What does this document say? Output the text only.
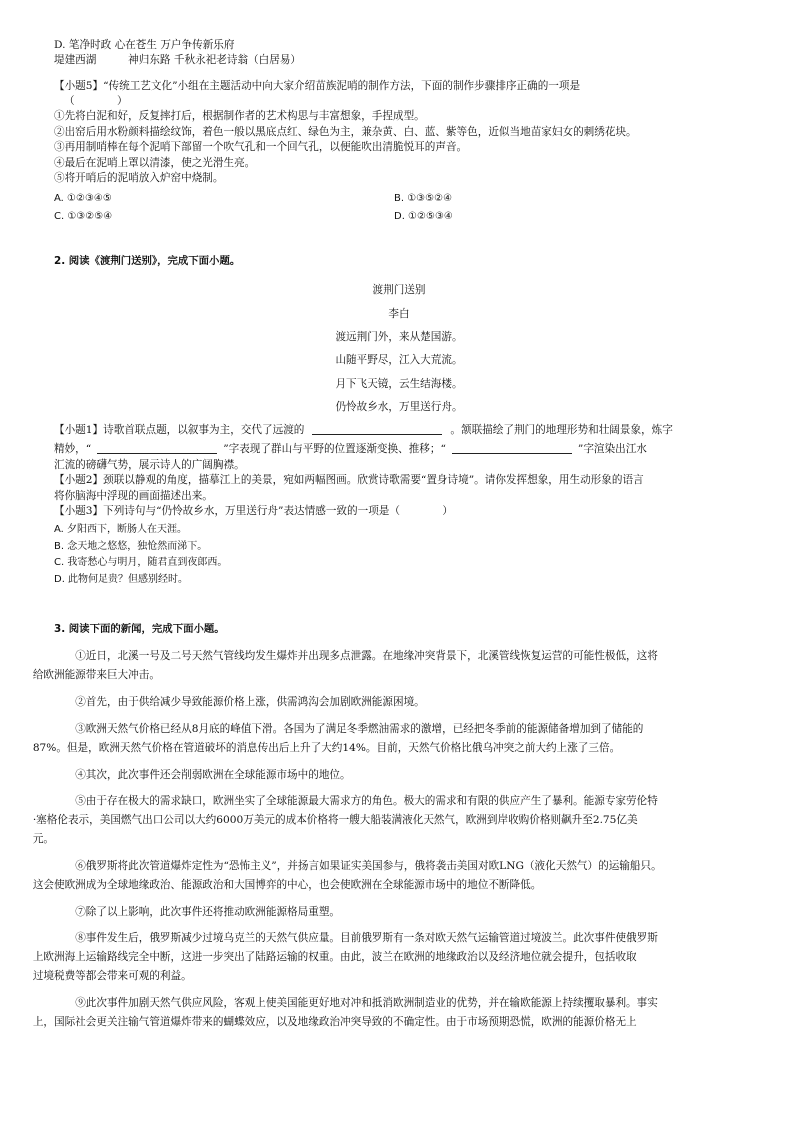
D. 笔净时政 心在苍生 万户争传新乐府
堤建西湖　　　神归东路 千秋永祀老诗翁（白居易）
【小题5】“传统工艺文化”小组在主题活动中向大家介绍苗族泥哨的制作方法，下面的制作步骤排序正确的一项是
（　　　　）
①先将白泥和好，反复摔打后，根据制作者的艺术构思与丰富想象，手捏成型。
②出窑后用水粉颜料描绘纹饰，着色一般以黑底点红、绿色为主，兼杂黄、白、蓝、紫等色，近似当地苗家妇女的刺绣花块。
③再用制哨棒在每个泥哨下部留一个吹气孔和一个回气孔，以便能吹出清脆悦耳的声音。
④最后在泥哨上罩以清漆，使之光滑生亮。
⑤将开哨后的泥哨放入炉窑中烧制。
A. ①②③④⑤	B. ①③⑤②④
C. ①③②⑤④	D. ①②⑤③④
2. 阅读《渡荆门送别》，完成下面小题。

渡荆门送别

李白

渡远荆门外，来从楚国游。

山随平野尽，江入大荒流。

月下飞天镜，云生结海楼。

仍怜故乡水，万里送行舟。

【小题1】诗歌首联点题，以叙事为主，交代了远渡的	。颔联描绘了荆门的地理形势和壮阔景象，炼字
精妙，“	”字表现了群山与平野的位置逐渐变换、推移；“	”字渲染出江水
汇流的磅礴气势，展示诗人的广阔胸襟。
【小题2】颈联以静观的角度，描摹江上的美景，宛如两幅图画。欣赏诗歌需要“置身诗境”。请你发挥想象，用生动形象的语言
将你脑海中浮现的画面描述出来。
【小题3】下列诗句与“仍怜故乡水，万里送行舟”表达情感一致的一项是（　　　　）
A. 夕阳西下，断肠人在天涯。
B. 念天地之悠悠，独怆然而涕下。
C. 我寄愁心与明月，随君直到夜郎西。
D. 此物何足贵？但感别经时。
3. 阅读下面的新闻，完成下面小题。

①近日，北溪一号及二号天然气管线均发生爆炸并出现多点泄露。在地缘冲突背景下，北溪管线恢复运营的可能性极低，这将
给欧洲能源带来巨大冲击。

②首先，由于供给减少导致能源价格上涨，供需鸿沟会加剧欧洲能源困境。

③欧洲天然气价格已经从8月底的峰值下滑。各国为了满足冬季燃油需求的激增，已经把冬季前的能源储备增加到了储能的
87%。但是，欧洲天然气价格在管道破坏的消息传出后上升了大约14%。目前，天然气价格比俄乌冲突之前大约上涨了三倍。

④其次，此次事件还会削弱欧洲在全球能源市场中的地位。

⑤由于存在极大的需求缺口，欧洲坐实了全球能源最大需求方的角色。极大的需求和有限的供应产生了暴利。能源专家劳伦特
·塞格伦表示，美国燃气出口公司以大约6000万美元的成本价格将一艘大船装满液化天然气，欧洲到岸收购价格则飙升至2.75亿美
元。

⑥俄罗斯将此次管道爆炸定性为“恐怖主义”，并扬言如果证实美国参与，俄将袭击美国对欧LNG（液化天然气）的运输船只。
这会使欧洲成为全球地缘政治、能源政治和大国博弈的中心，也会使欧洲在全球能源市场中的地位不断降低。

⑦除了以上影响，此次事件还将推动欧洲能源格局重塑。

⑧事件发生后，俄罗斯减少过境乌克兰的天然气供应量。目前俄罗斯有一条对欧天然气运输管道过境波兰。此次事件使俄罗斯
上欧洲海上运输路线完全中断，这进一步突出了陆路运输的权重。由此，波兰在欧洲的地缘政治以及经济地位就会提升，包括收取
过境税费等都会带来可观的利益。

⑨此次事件加剧天然气供应风险，客观上使美国能更好地对冲和抵消欧洲制造业的优势，并在输欧能源上持续攫取暴利。事实
上，国际社会更关注输气管道爆炸带来的蝴蝶效应，以及地缘政治冲突导致的不确定性。由于市场预期恐慌，欧洲的能源价格无上
